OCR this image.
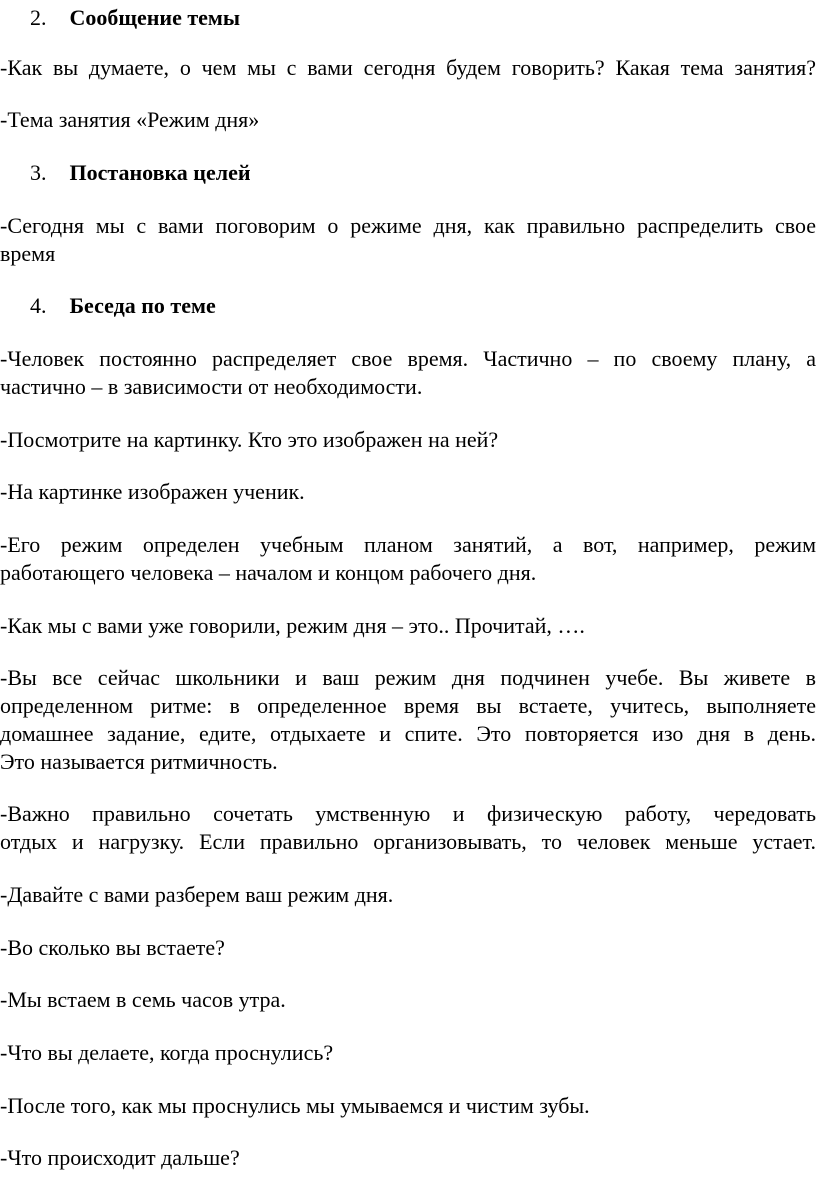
2. Сообщение темы

-Как вы думаете, о чем мы с вами сегодня будем говорить? Какая тема занятия?

-Тема занятия «Режим дня»

3. Постановка целей

-Сегодня мы с вами поговорим о режиме дня, как правильно распределить свое

время

4. Беседа по теме

-Человек постоянно распределяет свое время. Частично – по своему плану, а

частично – в зависимости от необходимости.

-Посмотрите на картинку. Кто это изображен на ней?

-На картинке изображен ученик.

-Его режим определен учебным планом занятий, а вот, например, режим

работающего человека – началом и концом рабочего дня.

-Как мы с вами уже говорили, режим дня – это.. Прочитай, ….

-Вы все сейчас школьники и ваш режим дня подчинен учебе. Вы живете в

определенном ритме: в определенное время вы встаете, учитесь, выполняете

домашнее задание, едите, отдыхаете и спите. Это повторяется изо дня в день.

Это называется ритмичность.

-Важно правильно сочетать умственную и физическую работу, чередовать

отдых и нагрузку. Если правильно организовывать, то человек меньше устает.

-Давайте с вами разберем ваш режим дня.

-Во сколько вы встаете?

-Мы встаем в семь часов утра.

-Что вы делаете, когда проснулись?

-После того, как мы проснулись мы умываемся и чистим зубы.

-Что происходит дальше?
